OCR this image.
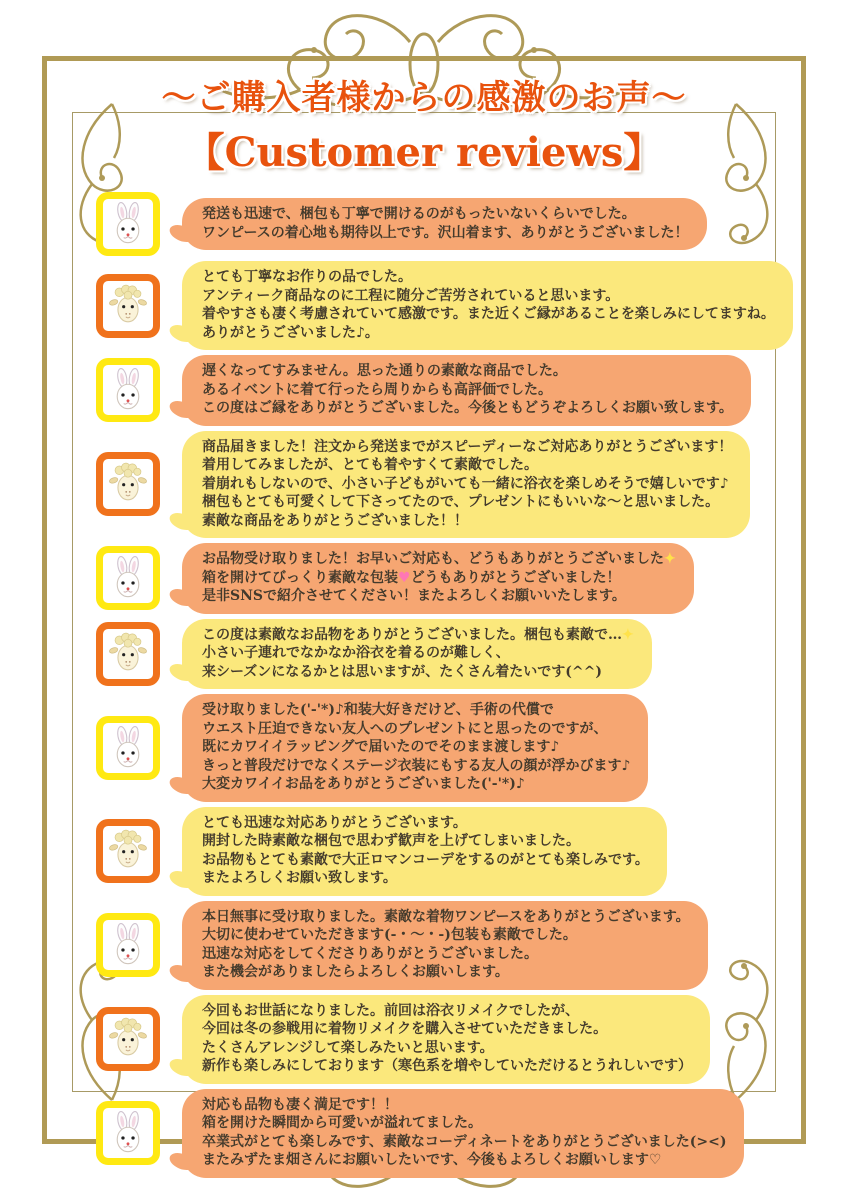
〜ご購入者様からの感激のお声〜
【Customer reviews】
発送も迅速で、梱包も丁寧で開けるのがもったいないくらいでした。
ワンピースの着心地も期待以上です。沢山着ます、ありがとうございました！
とても丁寧なお作りの品でした。
アンティーク商品なのに工程に随分ご苦労されていると思います。
着やすさも凄く考慮されていて感激です。また近くご縁があることを楽しみにしてますね。
ありがとうございました♪。
遅くなってすみません。思った通りの素敵な商品でした。
あるイベントに着て行ったら周りからも高評価でした。
この度はご縁をありがとうございました。今後ともどうぞよろしくお願い致します。
商品届きました！注文から発送までがスピーディーなご対応ありがとうございます！
着用してみましたが、とても着やすくて素敵でした。
着崩れもしないので、小さい子どもがいても一緒に浴衣を楽しめそうで嬉しいです♪
梱包もとても可愛くして下さってたので、プレゼントにもいいな〜と思いました。
素敵な商品をありがとうございました！！
お品物受け取りました！お早いご対応も、どうもありがとうございました✦
箱を開けてびっくり素敵な包装♥どうもありがとうございました！
是非SNSで紹介させてください！またよろしくお願いいたします。
この度は素敵なお品物をありがとうございました。梱包も素敵で…✦
小さい子連れでなかなか浴衣を着るのが難しく、
来シーズンになるかとは思いますが、たくさん着たいです(^^)
受け取りました('-'*)♪和装大好きだけど、手術の代償で
ウエスト圧迫できない友人へのプレゼントにと思ったのですが、
既にカワイイラッピングで届いたのでそのまま渡します♪
きっと普段だけでなくステージ衣装にもする友人の顔が浮かびます♪
大変カワイイお品をありがとうございました('-'*)♪
とても迅速な対応ありがとうございます。
開封した時素敵な梱包で思わず歓声を上げてしまいました。
お品物もとても素敵で大正ロマンコーデをするのがとても楽しみです。
またよろしくお願い致します。
本日無事に受け取りました。素敵な着物ワンピースをありがとうございます。
大切に使わせていただきます(-・～・-)包装も素敵でした。
迅速な対応をしてくださりありがとうございました。
また機会がありましたらよろしくお願いします。
今回もお世話になりました。前回は浴衣リメイクでしたが、
今回は冬の参戦用に着物リメイクを購入させていただきました。
たくさんアレンジして楽しみたいと思います。
新作も楽しみにしております（寒色系を増やしていただけるとうれしいです）
対応も品物も凄く満足です！！
箱を開けた瞬間から可愛いが溢れてました。
卒業式がとても楽しみです、素敵なコーディネートをありがとうございました(><)
またみずたま畑さんにお願いしたいです、今後もよろしくお願いします♡
